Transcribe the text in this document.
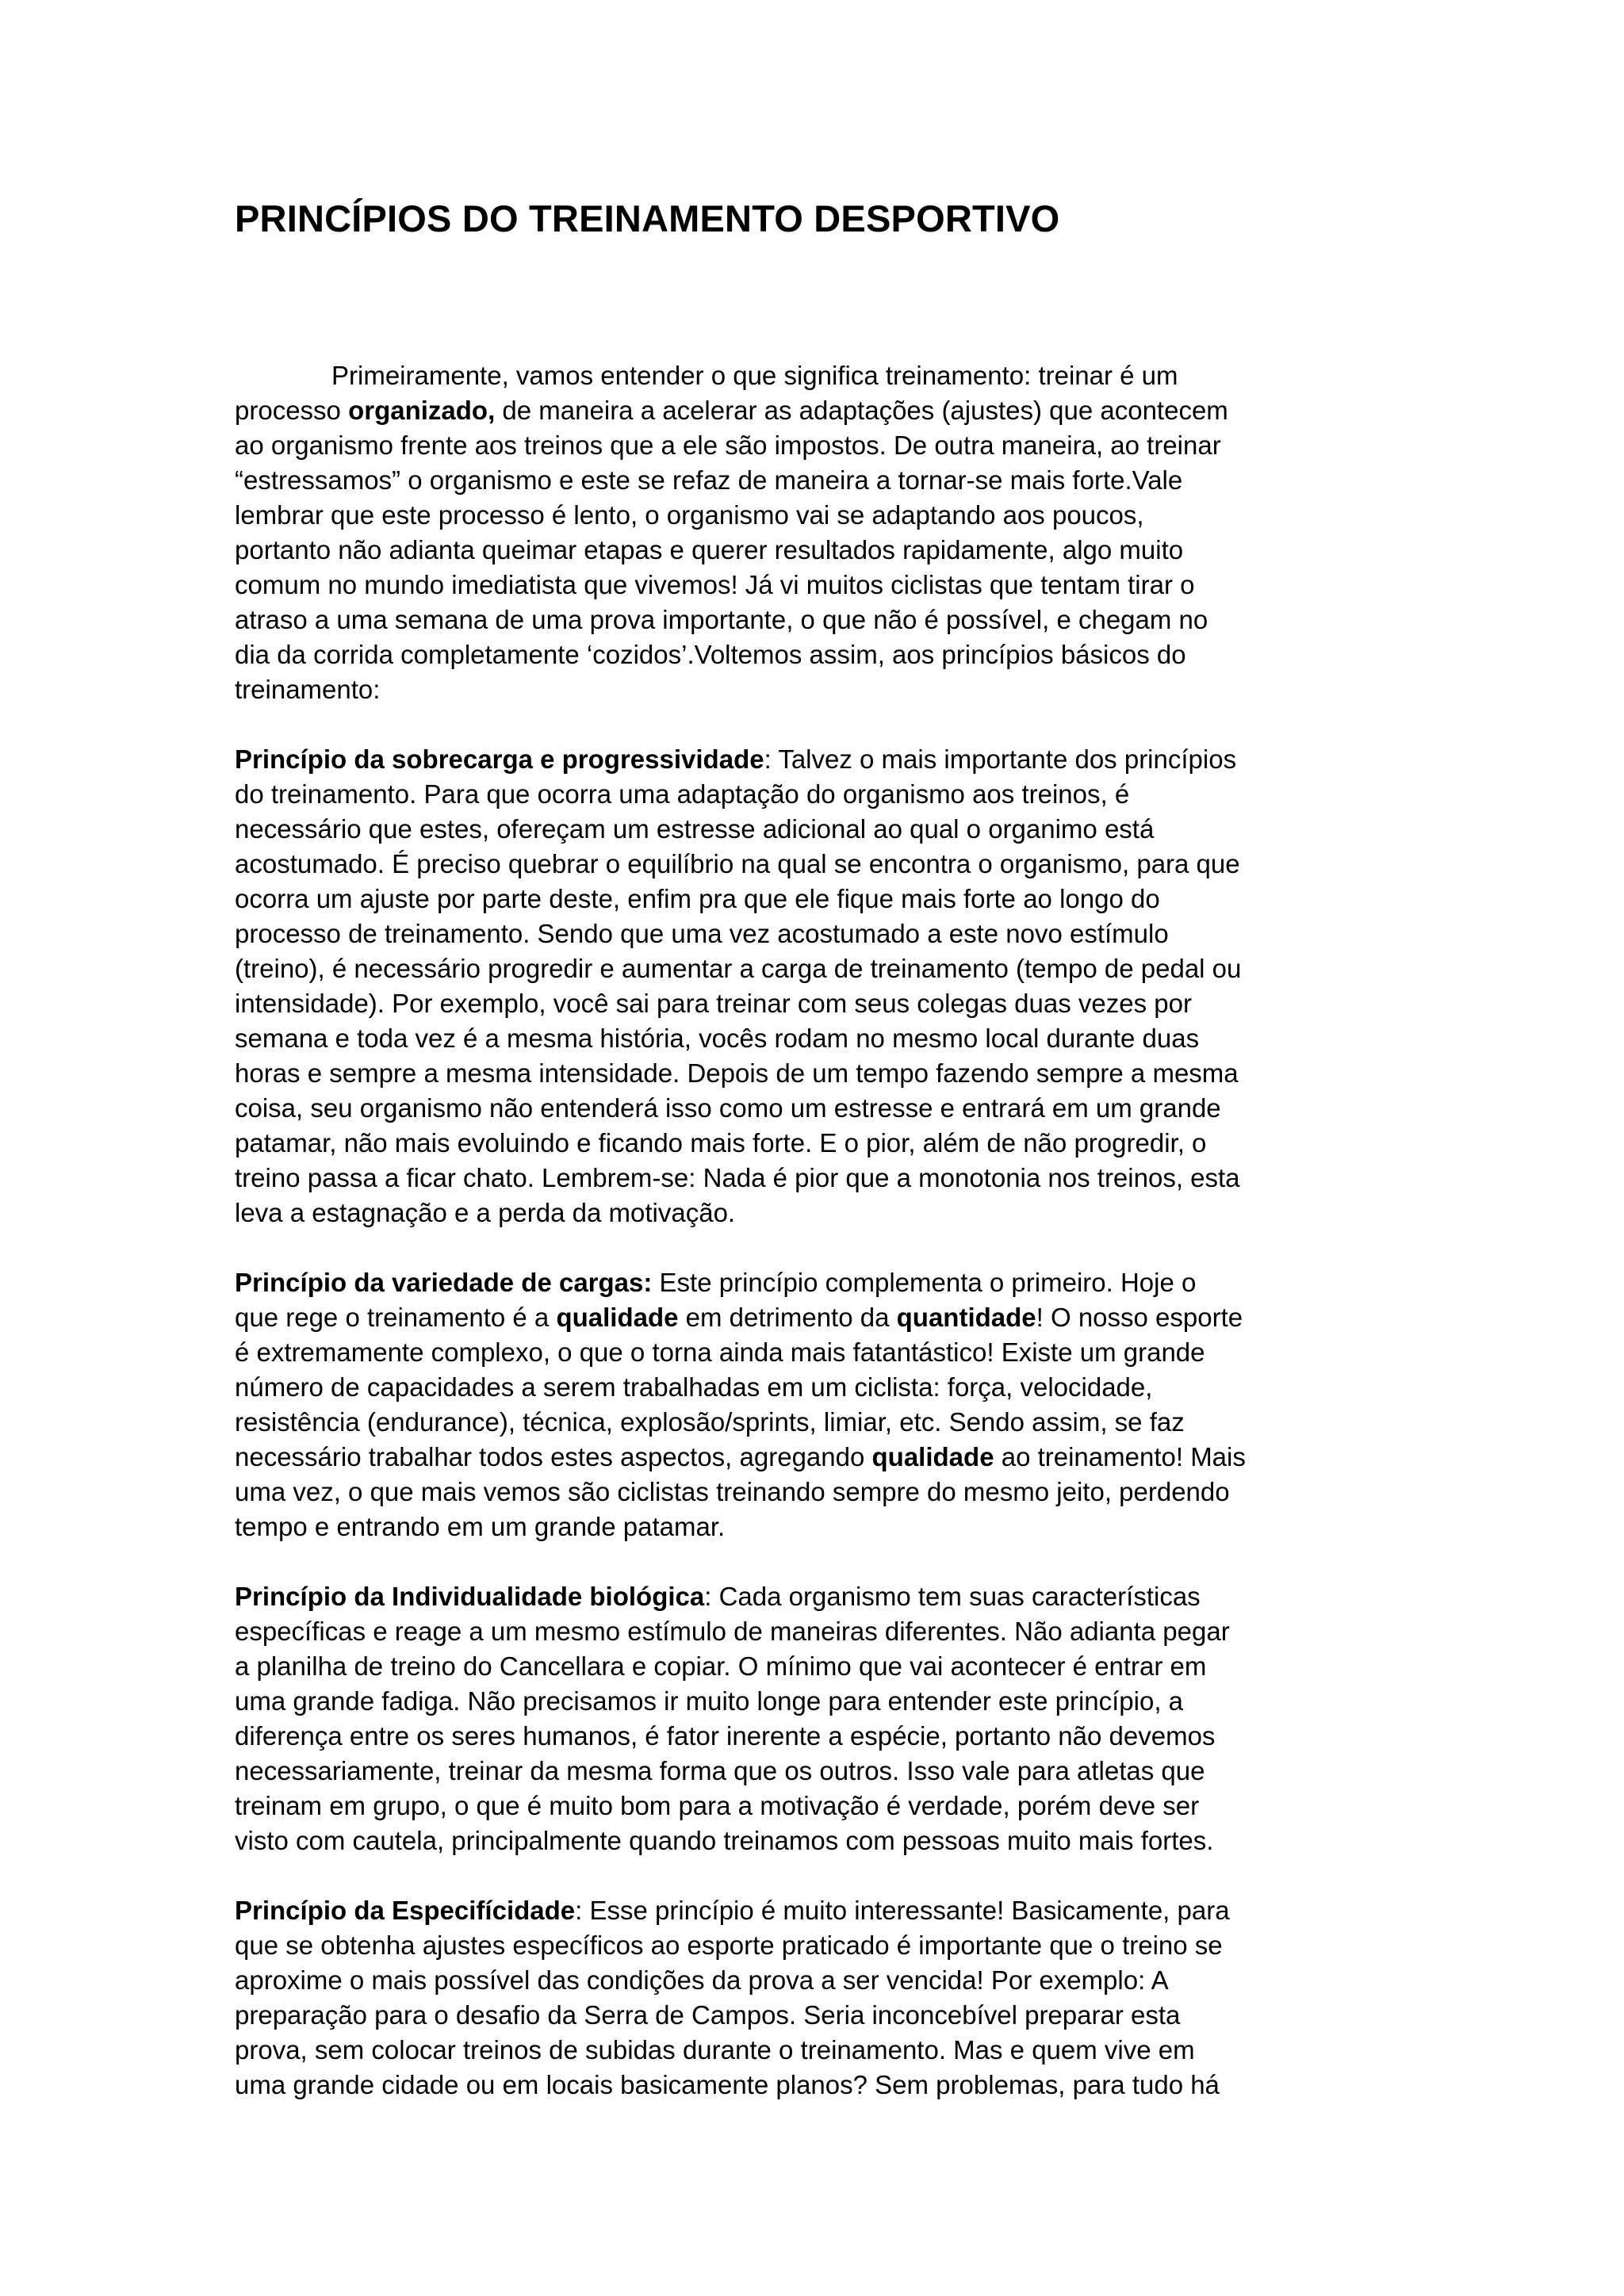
PRINCÍPIOS DO TREINAMENTO DESPORTIVO

Primeiramente, vamos entender o que significa treinamento: treinar é um
processo organizado, de maneira a acelerar as adaptações (ajustes) que acontecem
ao organismo frente aos treinos que a ele são impostos. De outra maneira, ao treinar
“estressamos” o organismo e este se refaz de maneira a tornar-se mais forte.Vale
lembrar que este processo é lento, o organismo vai se adaptando aos poucos,
portanto não adianta queimar etapas e querer resultados rapidamente, algo muito
comum no mundo imediatista que vivemos! Já vi muitos ciclistas que tentam tirar o
atraso a uma semana de uma prova importante, o que não é possível, e chegam no
dia da corrida completamente ‘cozidos’.Voltemos assim, aos princípios básicos do
treinamento:

Princípio da sobrecarga e progressividade: Talvez o mais importante dos princípios
do treinamento. Para que ocorra uma adaptação do organismo aos treinos, é
necessário que estes, ofereçam um estresse adicional ao qual o organimo está
acostumado. É preciso quebrar o equilíbrio na qual se encontra o organismo, para que
ocorra um ajuste por parte deste, enfim pra que ele fique mais forte ao longo do
processo de treinamento. Sendo que uma vez acostumado a este novo estímulo
(treino), é necessário progredir e aumentar a carga de treinamento (tempo de pedal ou
intensidade). Por exemplo, você sai para treinar com seus colegas duas vezes por
semana e toda vez é a mesma história, vocês rodam no mesmo local durante duas
horas e sempre a mesma intensidade. Depois de um tempo fazendo sempre a mesma
coisa, seu organismo não entenderá isso como um estresse e entrará em um grande
patamar, não mais evoluindo e ficando mais forte. E o pior, além de não progredir, o
treino passa a ficar chato. Lembrem-se: Nada é pior que a monotonia nos treinos, esta
leva a estagnação e a perda da motivação.

Princípio da variedade de cargas: Este princípio complementa o primeiro. Hoje o
que rege o treinamento é a qualidade em detrimento da quantidade! O nosso esporte
é extremamente complexo, o que o torna ainda mais fatantástico! Existe um grande
número de capacidades a serem trabalhadas em um ciclista: força, velocidade,
resistência (endurance), técnica, explosão/sprints, limiar, etc. Sendo assim, se faz
necessário trabalhar todos estes aspectos, agregando qualidade ao treinamento! Mais
uma vez, o que mais vemos são ciclistas treinando sempre do mesmo jeito, perdendo
tempo e entrando em um grande patamar.

Princípio da Individualidade biológica: Cada organismo tem suas características
específicas e reage a um mesmo estímulo de maneiras diferentes. Não adianta pegar
a planilha de treino do Cancellara e copiar. O mínimo que vai acontecer é entrar em
uma grande fadiga. Não precisamos ir muito longe para entender este princípio, a
diferença entre os seres humanos, é fator inerente a espécie, portanto não devemos
necessariamente, treinar da mesma forma que os outros. Isso vale para atletas que
treinam em grupo, o que é muito bom para a motivação é verdade, porém deve ser
visto com cautela, principalmente quando treinamos com pessoas muito mais fortes.

Princípio da Especifícidade: Esse princípio é muito interessante! Basicamente, para
que se obtenha ajustes específicos ao esporte praticado é importante que o treino se
aproxime o mais possível das condições da prova a ser vencida! Por exemplo: A
preparação para o desafio da Serra de Campos. Seria inconcebível preparar esta
prova, sem colocar treinos de subidas durante o treinamento. Mas e quem vive em
uma grande cidade ou em locais basicamente planos? Sem problemas, para tudo há
